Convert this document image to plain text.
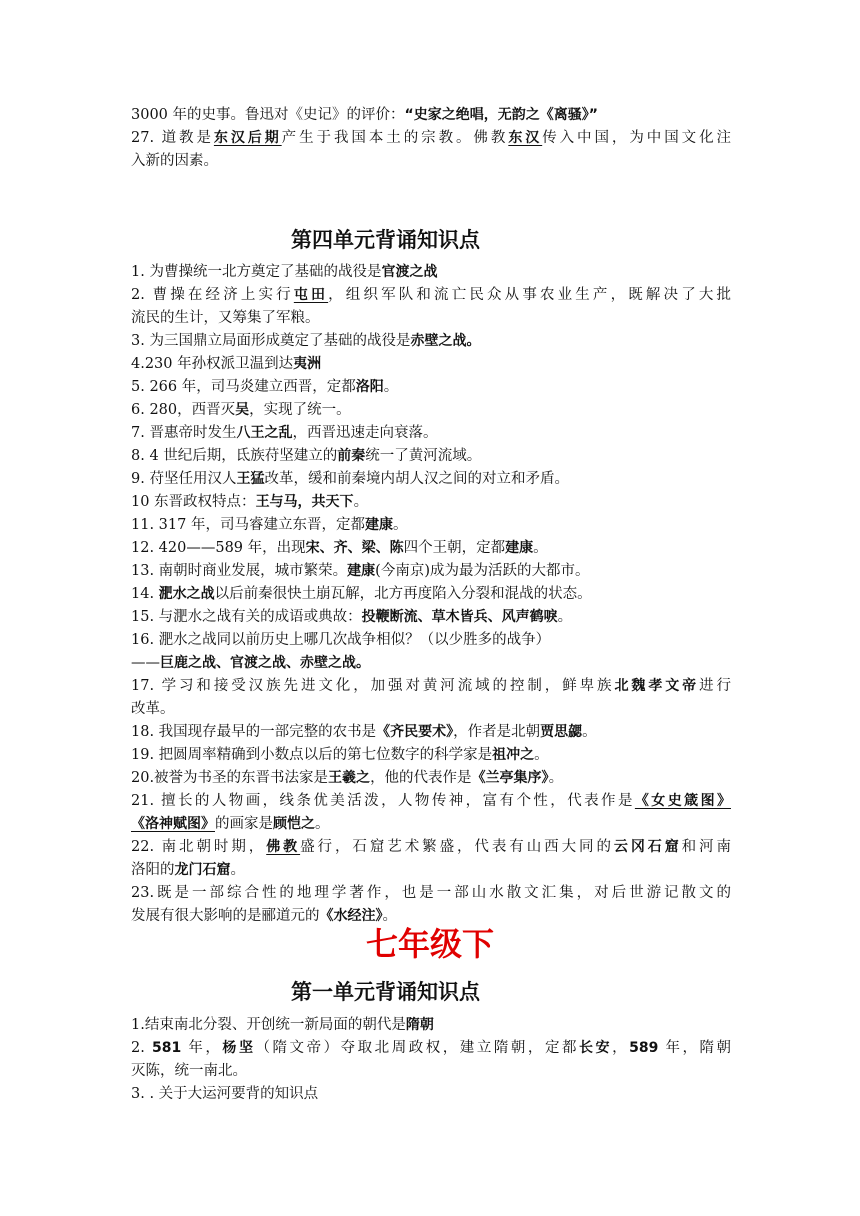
3000 年的史事。鲁迅对《史记》的评价：“史家之绝唱，无韵之《离骚》”
27. 道教是东汉后期产生于我国本土的宗教。佛教东汉传入中国，为中国文化注
入新的因素。
第四单元背诵知识点
1. 为曹操统一北方奠定了基础的战役是官渡之战
2. 曹操在经济上实行屯田，组织军队和流亡民众从事农业生产，既解决了大批
流民的生计，又筹集了军粮。
3. 为三国鼎立局面形成奠定了基础的战役是赤壁之战。
4.230 年孙权派卫温到达夷洲
5. 266 年，司马炎建立西晋，定都洛阳。
6. 280，西晋灭吴，实现了统一。
7. 晋惠帝时发生八王之乱，西晋迅速走向衰落。
8. 4 世纪后期，氐族苻坚建立的前秦统一了黄河流域。
9. 苻坚任用汉人王猛改革，缓和前秦境内胡人汉之间的对立和矛盾。
10 东晋政权特点：王与马，共天下。
11. 317 年，司马睿建立东晋，定都建康。
12. 420——589 年，出现宋、齐、梁、陈四个王朝，定都建康。
13. 南朝时商业发展，城市繁荣。建康(今南京)成为最为活跃的大都市。
14. 淝水之战以后前秦很快土崩瓦解，北方再度陷入分裂和混战的状态。
15. 与淝水之战有关的成语或典故：投鞭断流、草木皆兵、风声鹤唳。
16. 淝水之战同以前历史上哪几次战争相似？（以少胜多的战争）
——巨鹿之战、官渡之战、赤壁之战。
17. 学习和接受汉族先进文化，加强对黄河流域的控制，鲜卑族北魏孝文帝进行
改革。
18. 我国现存最早的一部完整的农书是《齐民要术》，作者是北朝贾思勰。
19. 把圆周率精确到小数点以后的第七位数字的科学家是祖冲之。
20.被誉为书圣的东晋书法家是王羲之，他的代表作是《兰亭集序》。
21. 擅长的人物画，线条优美活泼，人物传神，富有个性，代表作是《女史箴图》
《洛神赋图》的画家是顾恺之。
22. 南北朝时期，佛教盛行，石窟艺术繁盛，代表有山西大同的云冈石窟和河南
洛阳的龙门石窟。
23.既是一部综合性的地理学著作，也是一部山水散文汇集，对后世游记散文的
发展有很大影响的是郦道元的《水经注》。
七年级下
第一单元背诵知识点
1.结束南北分裂、开创统一新局面的朝代是隋朝
2. 581 年，杨坚（隋文帝）夺取北周政权，建立隋朝，定都长安，589 年，隋朝
灭陈，统一南北。
3. . 关于大运河要背的知识点
